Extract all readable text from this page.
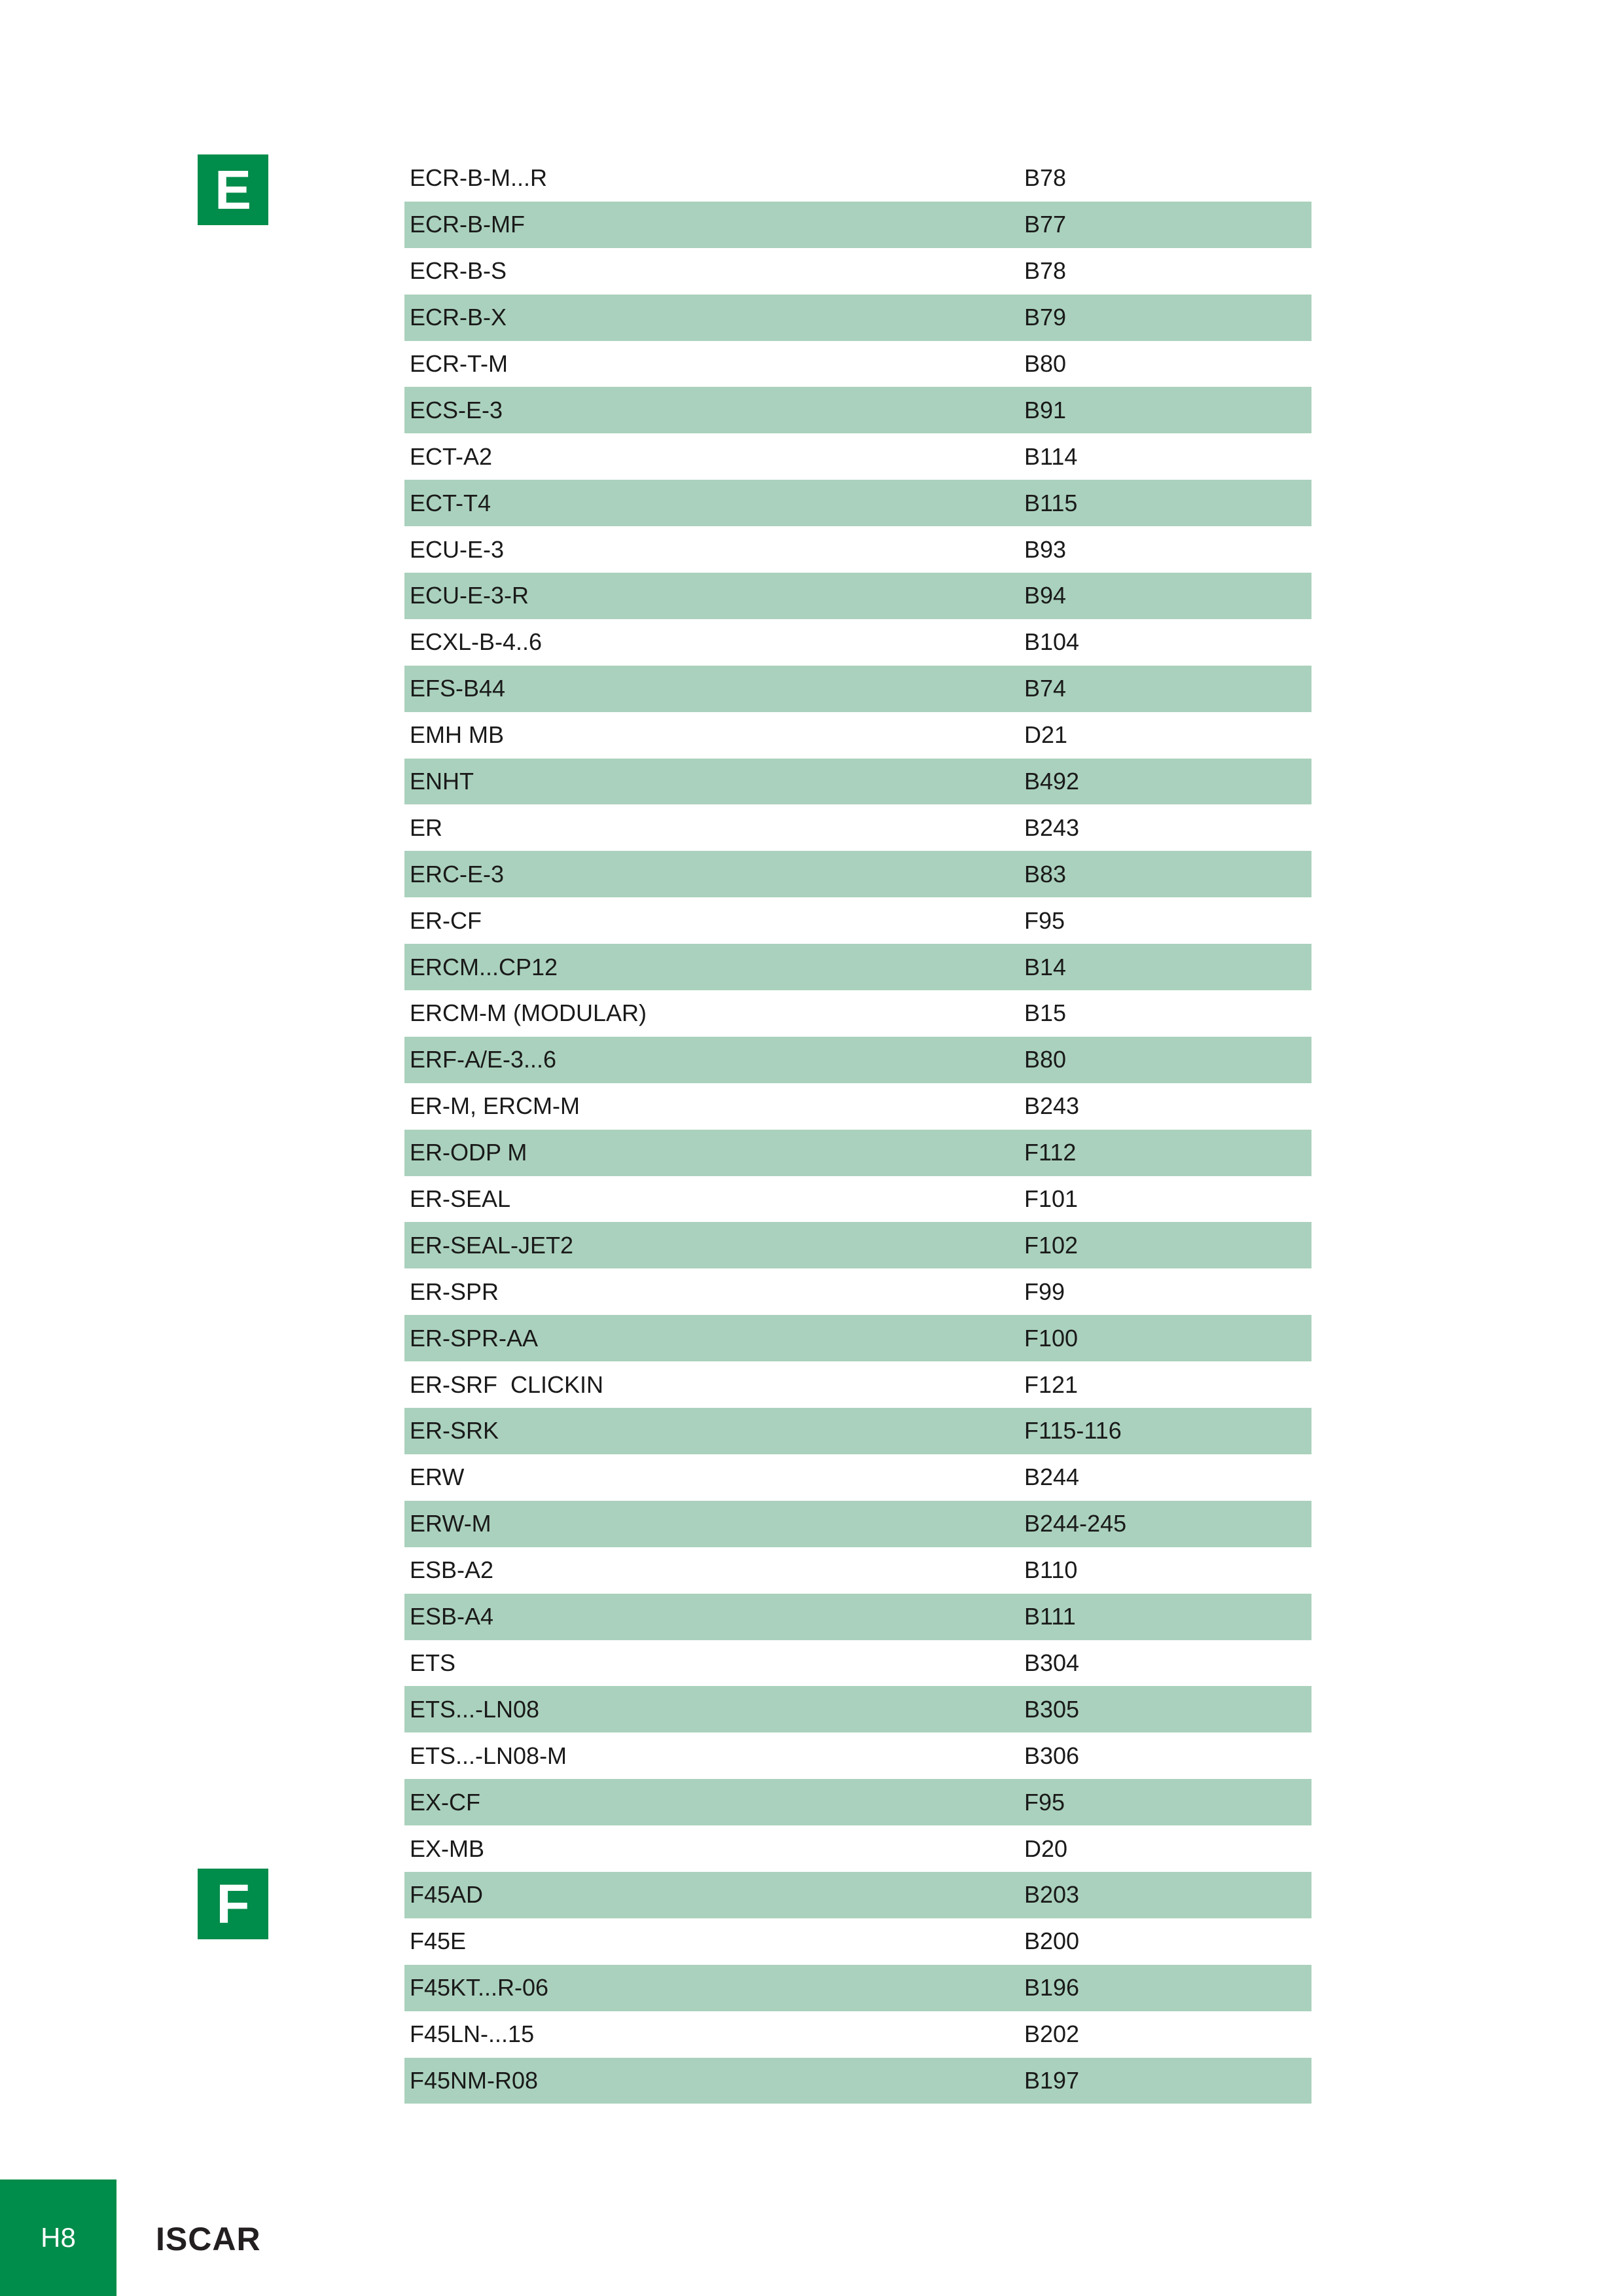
E
F
ECR-B-M...R	B78
ECR-B-MF	B77
ECR-B-S	B78
ECR-B-X	B79
ECR-T-M	B80
ECS-E-3	B91
ECT-A2	B114
ECT-T4	B115
ECU-E-3	B93
ECU-E-3-R	B94
ECXL-B-4..6	B104
EFS-B44	B74
EMH MB	D21
ENHT	B492
ER	B243
ERC-E-3	B83
ER-CF	F95
ERCM...CP12	B14
ERCM-M (MODULAR)	B15
ERF-A/E-3...6	B80
ER-M, ERCM-M	B243
ER-ODP M	F112
ER-SEAL	F101
ER-SEAL-JET2	F102
ER-SPR	F99
ER-SPR-AA	F100
ER-SRF  CLICKIN	F121
ER-SRK	F115-116
ERW	B244
ERW-M	B244-245
ESB-A2	B110
ESB-A4	B111
ETS	B304
ETS...-LN08	B305
ETS...-LN08-M	B306
EX-CF	F95
EX-MB	D20
F45AD	B203
F45E	B200
F45KT...R-06	B196
F45LN-...15	B202
F45NM-R08	B197
H8	ISCAR
